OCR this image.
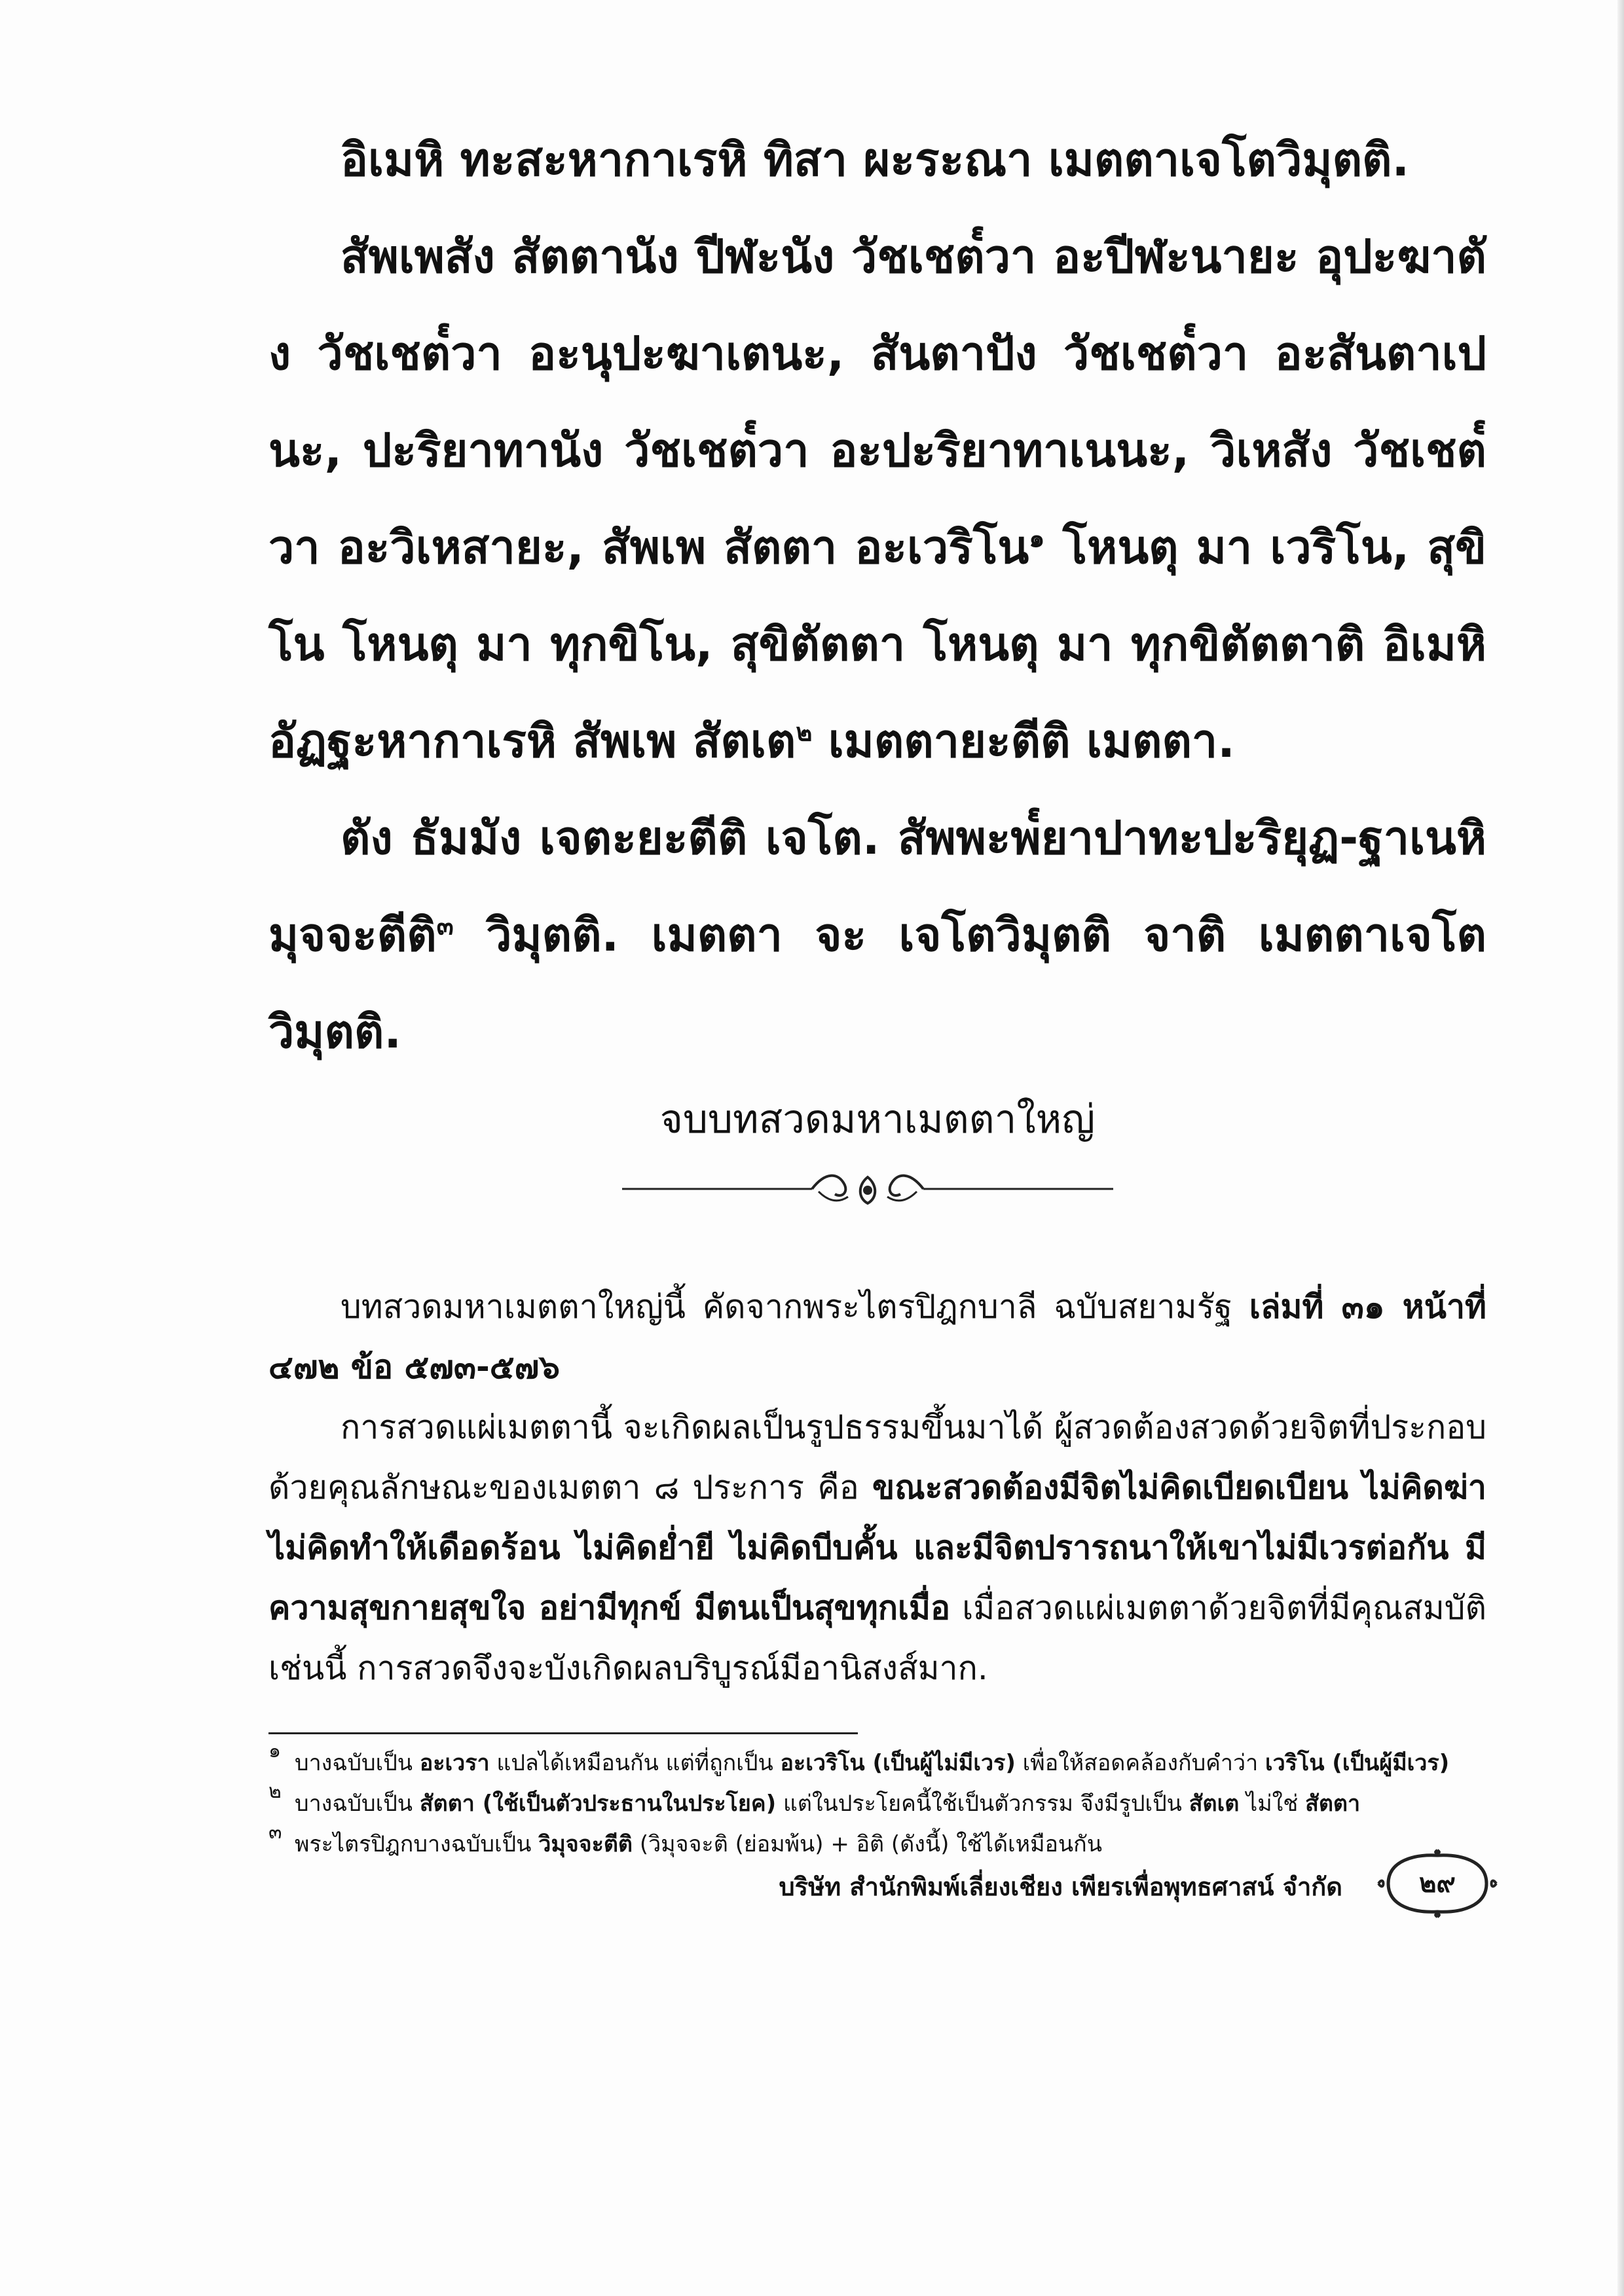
อิเมหิ ทะสะหากาเรหิ ทิสา ผะระณา เมตตาเจโตวิมุตติ.

สัพเพสัง สัตตานัง ปีฬะนัง วัชเชต๎วา อะปีฬะนายะ อุปะฆาตัง วัชเชต๎วา อะนุปะฆาเตนะ, สันตาปัง วัชเชต๎วา อะสันตาเปนะ, ปะริยาทานัง วัชเชต๎วา อะปะริยาทาเนนะ, วิเหสัง วัชเชต๎วา อะวิเหสายะ, สัพเพ สัตตา อะเวริโน$^๑$ โหนตุ มา เวริโน, สุขิโน โหนตุ มา ทุกขิโน, สุขิตัตตา โหนตุ มา ทุกขิตัตตาติ อิเมหิ อัฏฐะหากาเรหิ สัพเพ สัตเต$^๒$ เมตตายะตีติ เมตตา.

ตัง ธัมมัง เจตะยะตีติ เจโต. สัพพะพ๎ยาปาทะปะริยุฏ-ฐาเนหิ มุจจะตีติ$^๓$ วิมุตติ. เมตตา จะ เจโตวิมุตติ จาติ เมตตาเจโตวิมุตติ.

จบบทสวดมหาเมตตาใหญ่

บทสวดมหาเมตตาใหญ่นี้ คัดจากพระไตรปิฎกบาลี ฉบับสยามรัฐ เล่มที่ ๓๑ หน้าที่ ๔๗๒ ข้อ ๕๗๓-๕๗๖

การสวดแผ่เมตตานี้ จะเกิดผลเป็นรูปธรรมขึ้นมาได้ ผู้สวดต้องสวดด้วยจิตที่ประกอบด้วยคุณลักษณะของเมตตา ๘ ประการ คือ ขณะสวดต้องมีจิตไม่คิดเบียดเบียน ไม่คิดฆ่า ไม่คิดทำให้เดือดร้อน ไม่คิดย่ำยี ไม่คิดบีบคั้น และมีจิตปรารถนาให้เขาไม่มีเวรต่อกัน มีความสุขกายสุขใจ อย่ามีทุกข์ มีตนเป็นสุขทุกเมื่อ เมื่อสวดแผ่เมตตาด้วยจิตที่มีคุณสมบัติเช่นนี้ การสวดจึงจะบังเกิดผลบริบูรณ์มีอานิสงส์มาก.

๑ บางฉบับเป็น อะเวรา แปลได้เหมือนกัน แต่ที่ถูกเป็น อะเวริโน (เป็นผู้ไม่มีเวร) เพื่อให้สอดคล้องกับคำว่า เวริโน (เป็นผู้มีเวร)
๒ บางฉบับเป็น สัตตา (ใช้เป็นตัวประธานในประโยค) แต่ในประโยคนี้ใช้เป็นตัวกรรม จึงมีรูปเป็น สัตเต ไม่ใช่ สัตตา
๓ พระไตรปิฎกบางฉบับเป็น วิมุจจะตีติ (วิมุจจะติ (ย่อมพ้น) + อิติ (ดังนี้) ใช้ได้เหมือนกัน
บริษัท สำนักพิมพ์เลี่ยงเชียง เพียรเพื่อพุทธศาสน์ จำกัด	๒๙
